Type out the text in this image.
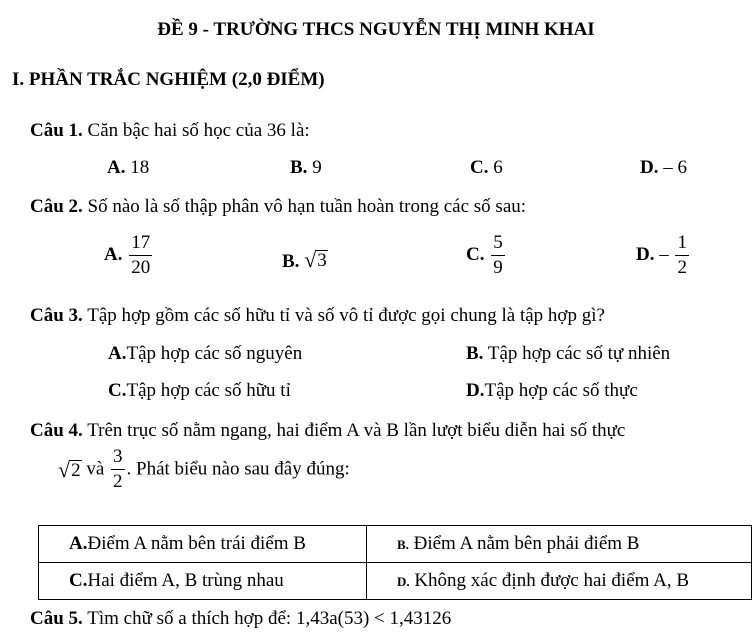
ĐỀ 9 - TRƯỜNG THCS NGUYỄN THỊ MINH KHAI
I. PHẦN TRẮC NGHIỆM (2,0 ĐIỂM)
Câu 1. Căn bậc hai số học của 36 là:
A. 18	B. 9	C. 6	D. – 6
Câu 2. Số nào là số thập phân vô hạn tuần hoàn trong các số sau:
A. $\frac{17}{20}$	B. √ 3	C. $\frac{5}{9}$	D. – $\frac{1}{2}$
Câu 3. Tập hợp gồm các số hữu tỉ và số vô tỉ được gọi chung là tập hợp gì?
A.Tập hợp các số nguyên	B. Tập hợp các số tự nhiên
C.Tập hợp các số hữu tỉ	D.Tập hợp các số thực
Câu 4. Trên trục số nằm ngang, hai điểm A và B lần lượt biểu diễn hai số thực
√ 2 và $\frac{3}{2}$ . Phát biểu nào sau đây đúng:
A.Điểm A nằm bên trái điểm B	B. Điểm A nằm bên phải điểm B
C.Hai điểm A, B trùng nhau	D. Không xác định được hai điểm A, B
Câu 5. Tìm chữ số a thích hợp để: 1,43a(53) < 1,43126
